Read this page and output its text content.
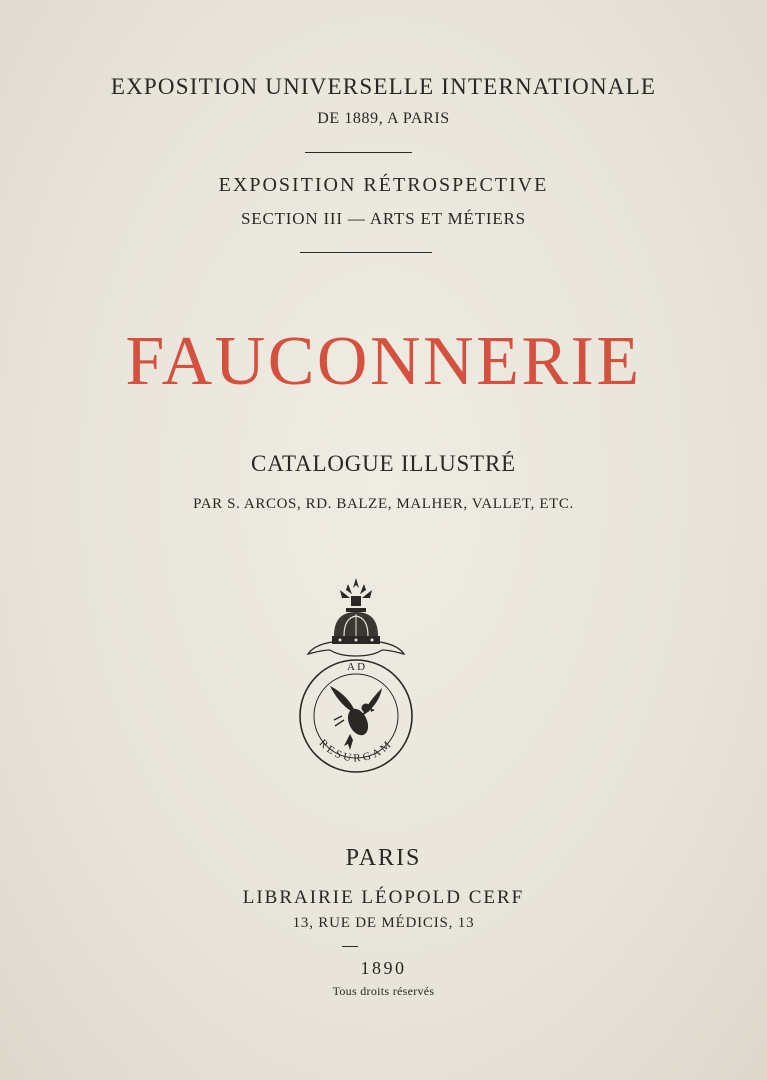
EXPOSITION UNIVERSELLE INTERNATIONALE
DE 1889, A PARIS
EXPOSITION RÉTROSPECTIVE
SECTION III — ARTS ET MÉTIERS
FAUCONNERIE
CATALOGUE ILLUSTRÉ
PAR S. ARCOS, RD. BALZE, MALHER, VALLET, ETC.
A D
RESURGAM
PARIS
LIBRAIRIE LÉOPOLD CERF
13, RUE DE MÉDICIS, 13
1890
Tous droits réservés
